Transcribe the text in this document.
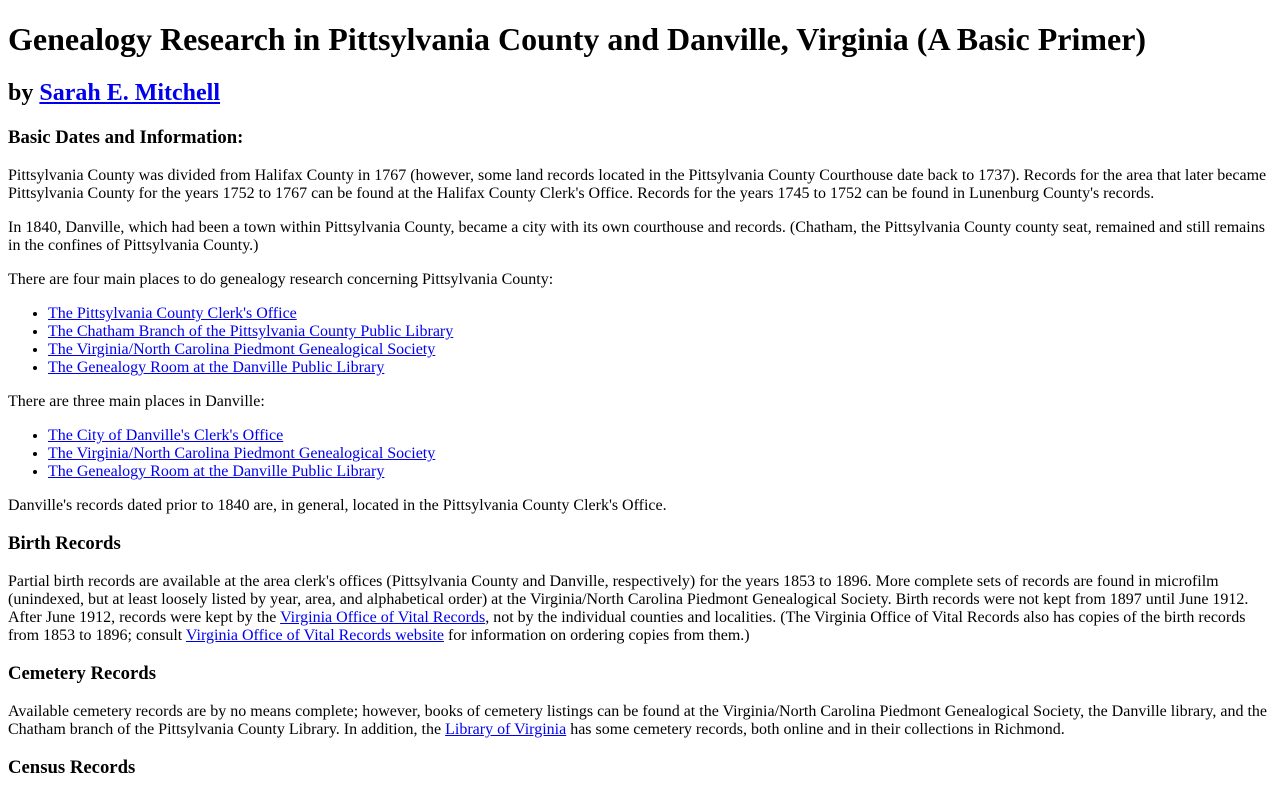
Genealogy Research in Pittsylvania County and Danville, Virginia (A Basic Primer)
by Sarah E. Mitchell
Basic Dates and Information:

Pittsylvania County was divided from Halifax County in 1767 (however, some land records located in the Pittsylvania County Courthouse date back to 1737). Records for the area that later became Pittsylvania County for the years 1752 to 1767 can be found at the Halifax County Clerk's Office. Records for the years 1745 to 1752 can be found in Lunenburg County's records.

In 1840, Danville, which had been a town within Pittsylvania County, became a city with its own courthouse and records. (Chatham, the Pittsylvania County county seat, remained and still remains in the confines of Pittsylvania County.)

There are four main places to do genealogy research concerning Pittsylvania County:

• The Pittsylvania County Clerk's Office
• The Chatham Branch of the Pittsylvania County Public Library
• The Virginia/North Carolina Piedmont Genealogical Society
• The Genealogy Room at the Danville Public Library

There are three main places in Danville:

• The City of Danville's Clerk's Office
• The Virginia/North Carolina Piedmont Genealogical Society
• The Genealogy Room at the Danville Public Library

Danville's records dated prior to 1840 are, in general, located in the Pittsylvania County Clerk's Office.

Birth Records

Partial birth records are available at the area clerk's offices (Pittsylvania County and Danville, respectively) for the years 1853 to 1896. More complete sets of records are found in microfilm (unindexed, but at least loosely listed by year, area, and alphabetical order) at the Virginia/North Carolina Piedmont Genealogical Society. Birth records were not kept from 1897 until June 1912. After June 1912, records were kept by the Virginia Office of Vital Records, not by the individual counties and localities. (The Virginia Office of Vital Records also has copies of the birth records from 1853 to 1896; consult Virginia Office of Vital Records website for information on ordering copies from them.)

Cemetery Records

Available cemetery records are by no means complete; however, books of cemetery listings can be found at the Virginia/North Carolina Piedmont Genealogical Society, the Danville library, and the Chatham branch of the Pittsylvania County Library. In addition, the Library of Virginia has some cemetery records, both online and in their collections in Richmond.

Census Records
